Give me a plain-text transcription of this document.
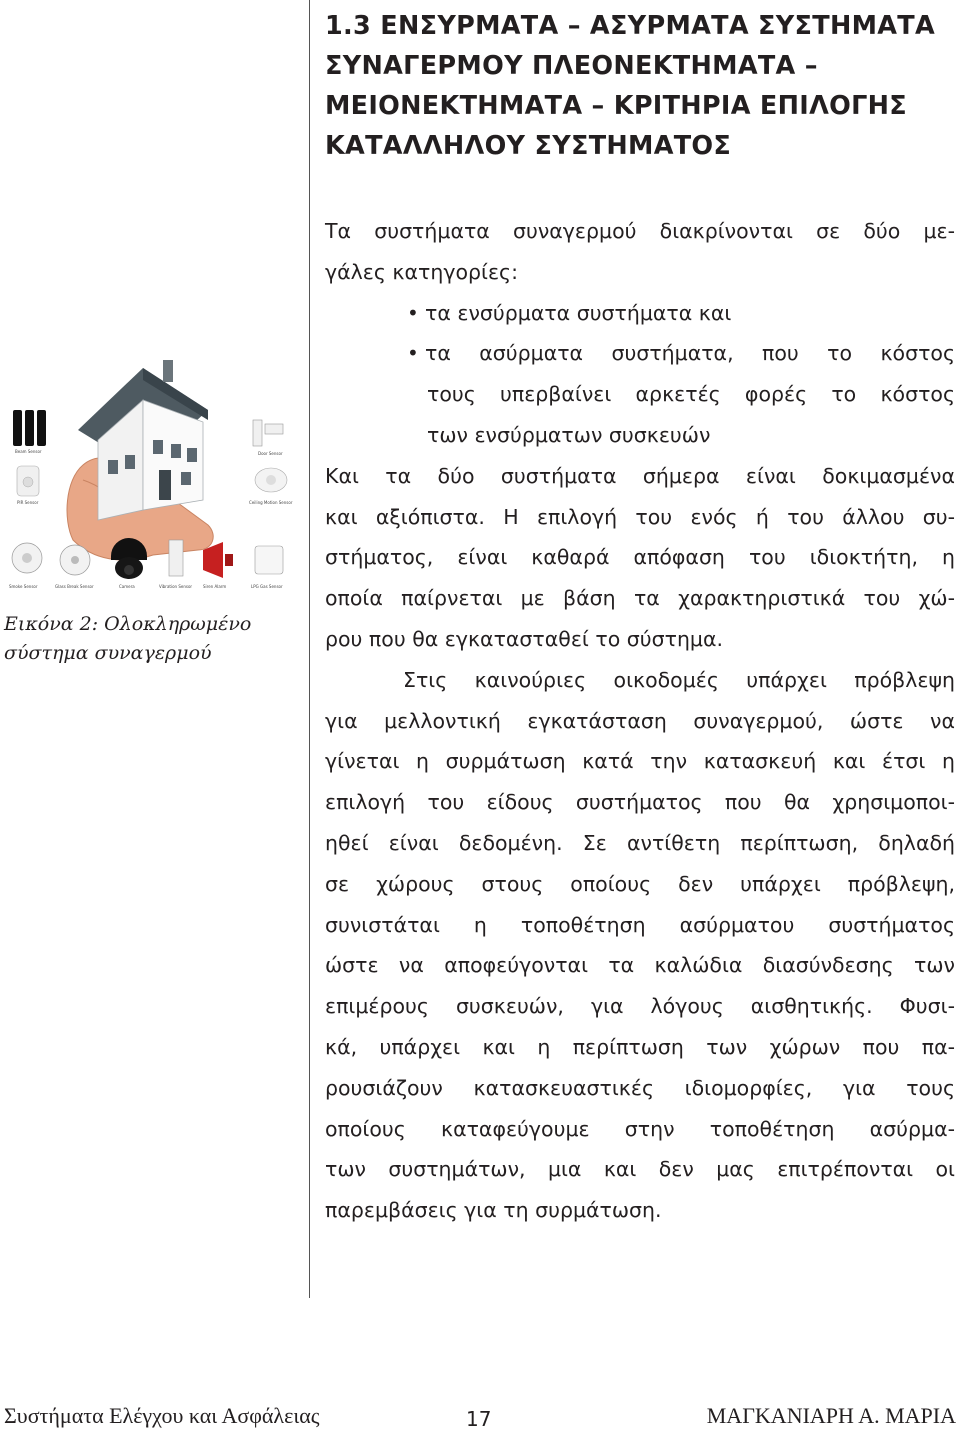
1.3 ΕΝΣΥΡΜΑΤΑ – ΑΣΥΡΜΑΤΑ ΣΥΣΤΗΜΑΤΑ
ΣΥΝΑΓΕΡΜΟΥ ΠΛΕΟΝΕΚΤΗΜΑΤΑ –
ΜΕΙΟΝΕΚΤΗΜΑΤΑ – ΚΡΙΤΗΡΙΑ ΕΠΙΛΟΓΗΣ
ΚΑΤΑΛΛΗΛΟΥ ΣΥΣΤΗΜΑΤΟΣ
Τα συστήματα συναγερμού διακρίνονται σε δύο με-
γάλες κατηγορίες:
• τα ενσύρματα συστήματα και
• τα ασύρματα συστήματα, που το κόστος
τους υπερβαίνει αρκετές φορές το κόστος
των ενσύρματων συσκευών
Και τα δύο συστήματα σήμερα είναι δοκιμασμένα
και αξιόπιστα. Η επιλογή του ενός ή του άλλου συ-
στήματος, είναι καθαρά απόφαση του ιδιοκτήτη, η
οποία παίρνεται με βάση τα χαρακτηριστικά του χώ-
ρου που θα εγκατασταθεί το σύστημα.
Στις καινούριες οικοδομές υπάρχει πρόβλεψη
για μελλοντική εγκατάσταση συναγερμού, ώστε να
γίνεται η συρμάτωση κατά την κατασκευή και έτσι η
επιλογή του είδους συστήματος που θα χρησιμοποι-
ηθεί είναι δεδομένη. Σε αντίθετη περίπτωση, δηλαδή
σε χώρους στους οποίους δεν υπάρχει πρόβλεψη,
συνιστάται η τοποθέτηση ασύρματου συστήματος
ώστε να αποφεύγονται τα καλώδια διασύνδεσης των
επιμέρους συσκευών, για λόγους αισθητικής. Φυσι-
κά, υπάρχει και η περίπτωση των χώρων που πα-
ρουσιάζουν κατασκευαστικές ιδιομορφίες, για τους
οποίους καταφεύγουμε στην τοποθέτηση ασύρμα-
των συστημάτων, μια και δεν μας επιτρέπονται οι
παρεμβάσεις για τη συρμάτωση.
Beam Sensor	Door Sensor
PIR Sensor	Ceiling Motion Sensor
Smoke Sensor	Glass Break Sensor	Camera	Vibration Sensor	Siren Alarm	LPG Gas Sensor
Εικόνα 2: Ολοκληρωμένο
σύστημα συναγερμού
Συστήματα Ελέγχου και Ασφάλειας	17	ΜΑΓΚΑΝΙΑΡΗ Α. ΜΑΡΙΑ
